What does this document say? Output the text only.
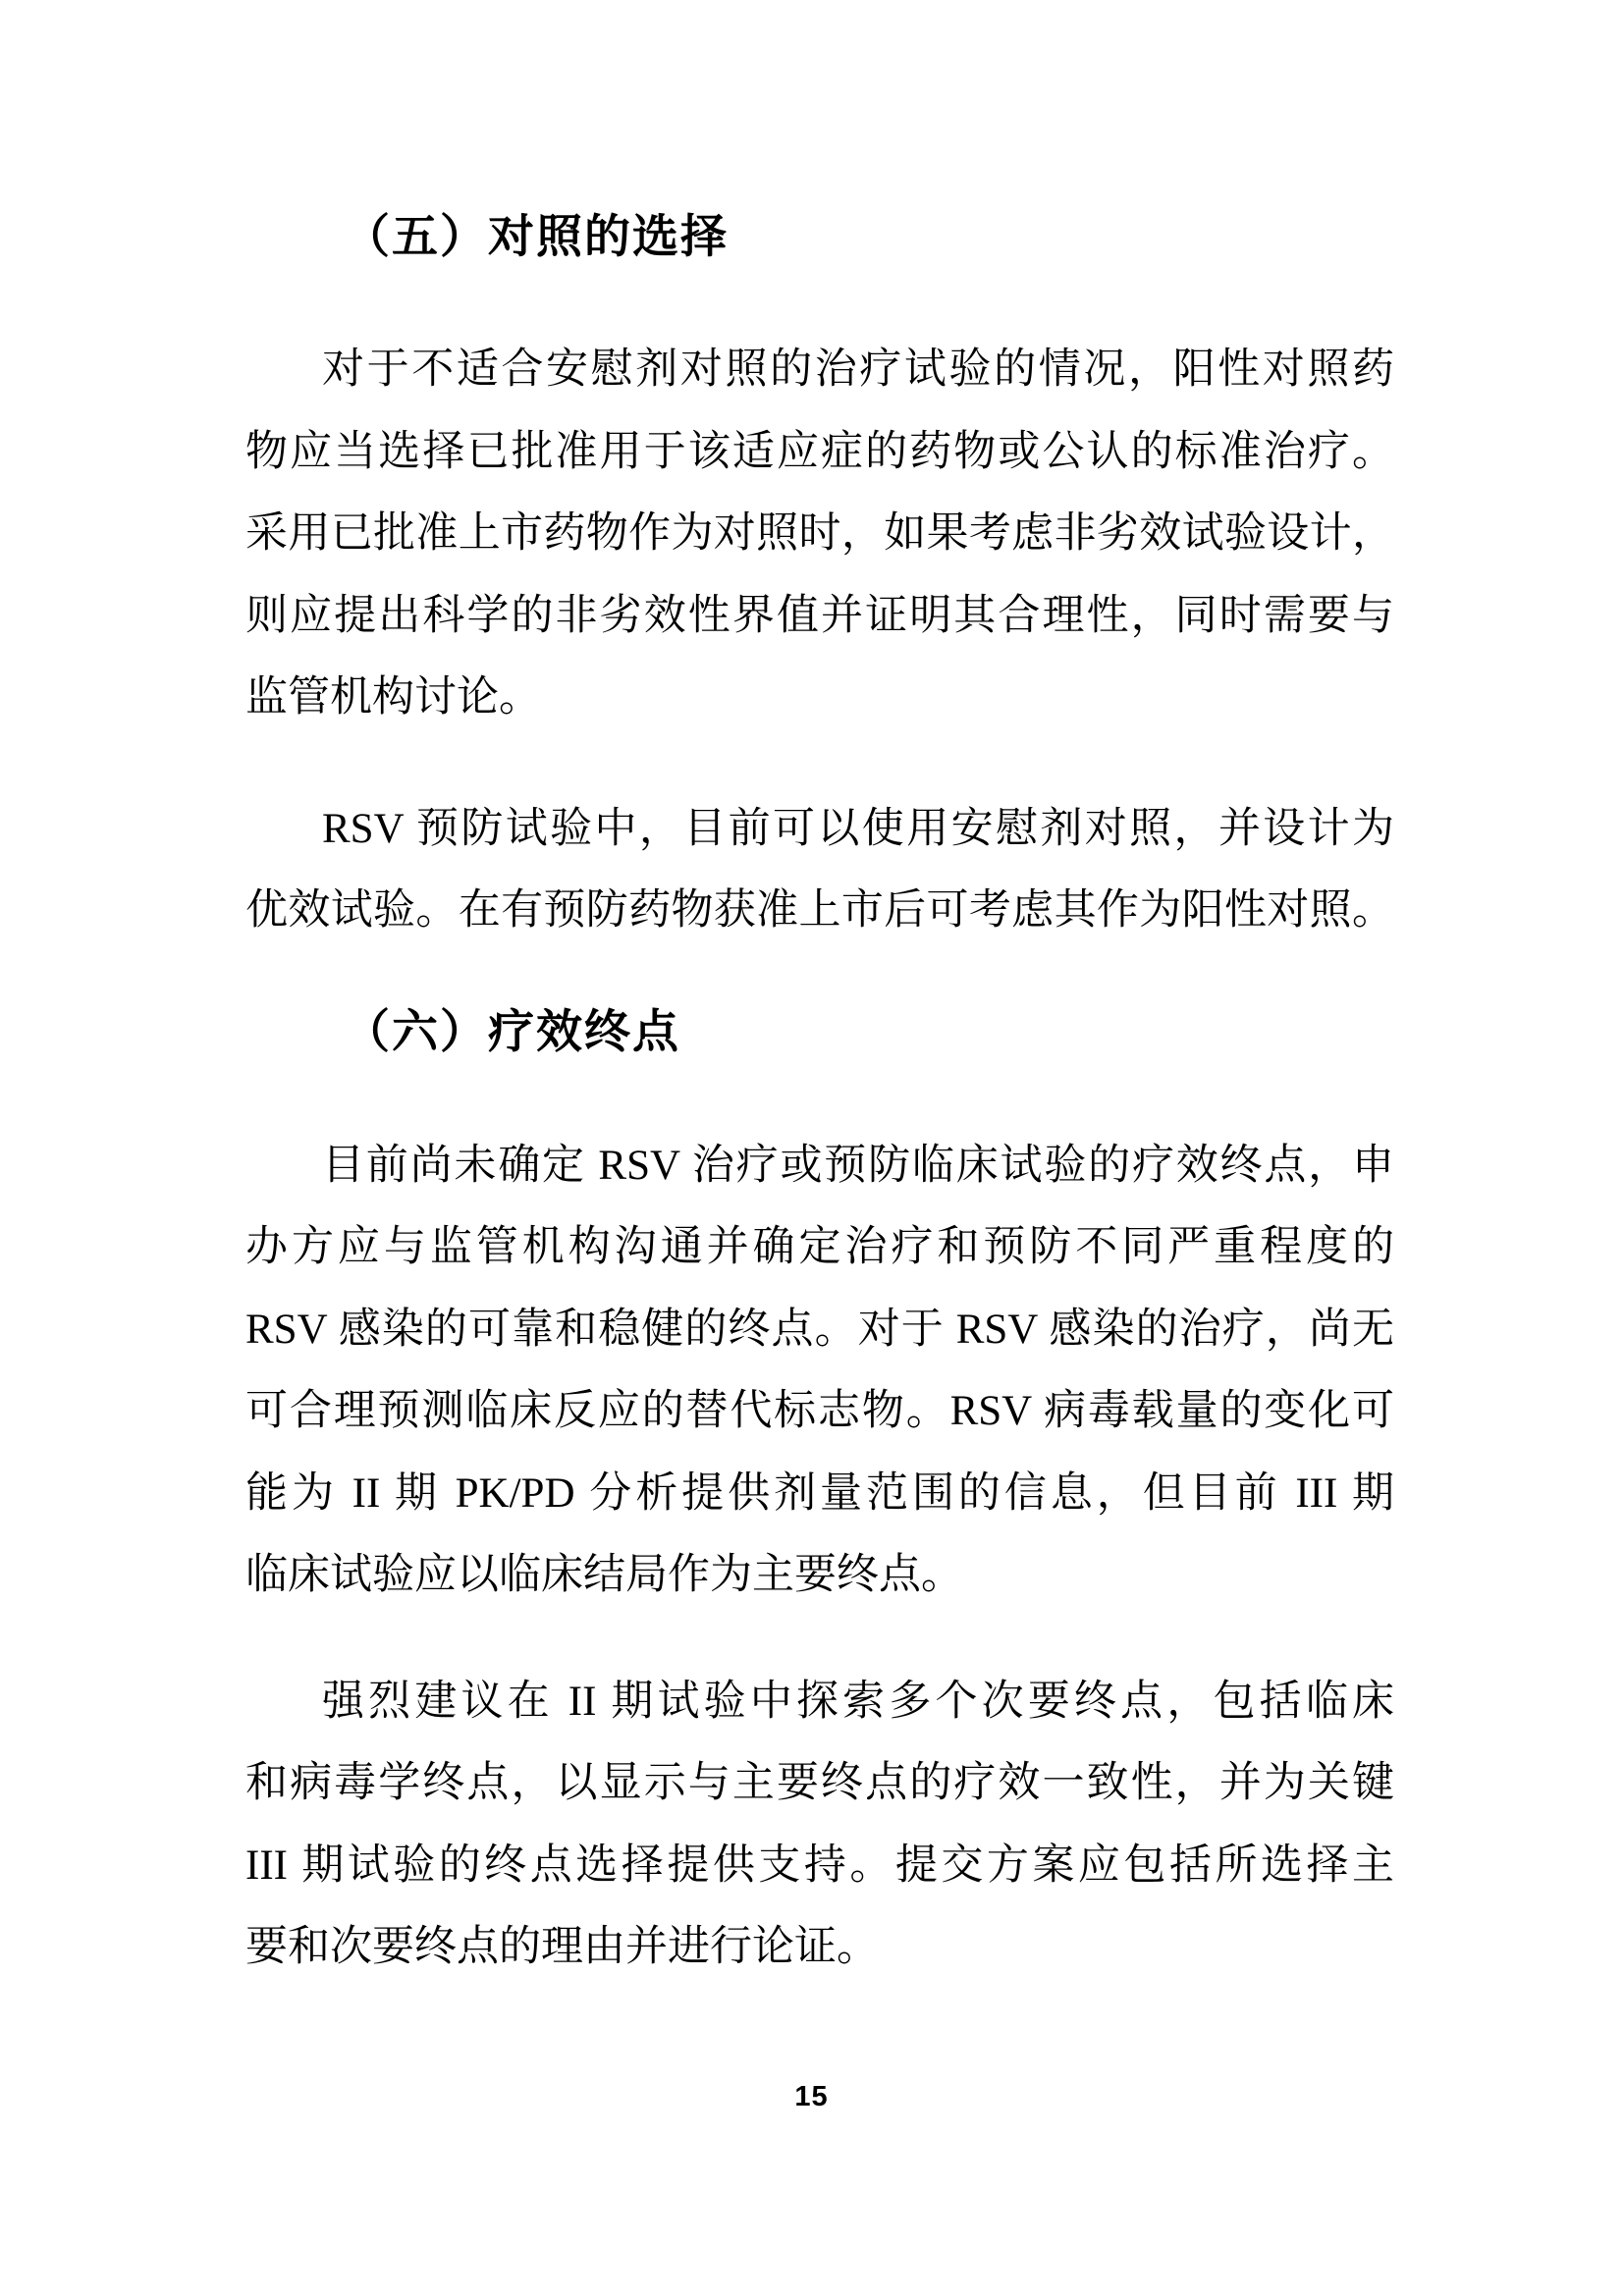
（五）对照的选择
对于不适合安慰剂对照的治疗试验的情况，阳性对照药
物应当选择已批准用于该适应症的药物或公认的标准治疗。
采用已批准上市药物作为对照时，如果考虑非劣效试验设计，
则应提出科学的非劣效性界值并证明其合理性，同时需要与
监管机构讨论。
RSV 预防试验中，目前可以使用安慰剂对照，并设计为
优效试验。在有预防药物获准上市后可考虑其作为阳性对照。
（六）疗效终点
目前尚未确定 RSV 治疗或预防临床试验的疗效终点，申
办方应与监管机构沟通并确定治疗和预防不同严重程度的
RSV 感染的可靠和稳健的终点。对于 RSV 感染的治疗，尚无
可合理预测临床反应的替代标志物。RSV 病毒载量的变化可
能为 II 期 PK/PD 分析提供剂量范围的信息，但目前 III 期
临床试验应以临床结局作为主要终点。
强烈建议在 II 期试验中探索多个次要终点，包括临床
和病毒学终点，以显示与主要终点的疗效一致性，并为关键
III 期试验的终点选择提供支持。提交方案应包括所选择主
要和次要终点的理由并进行论证。
15
